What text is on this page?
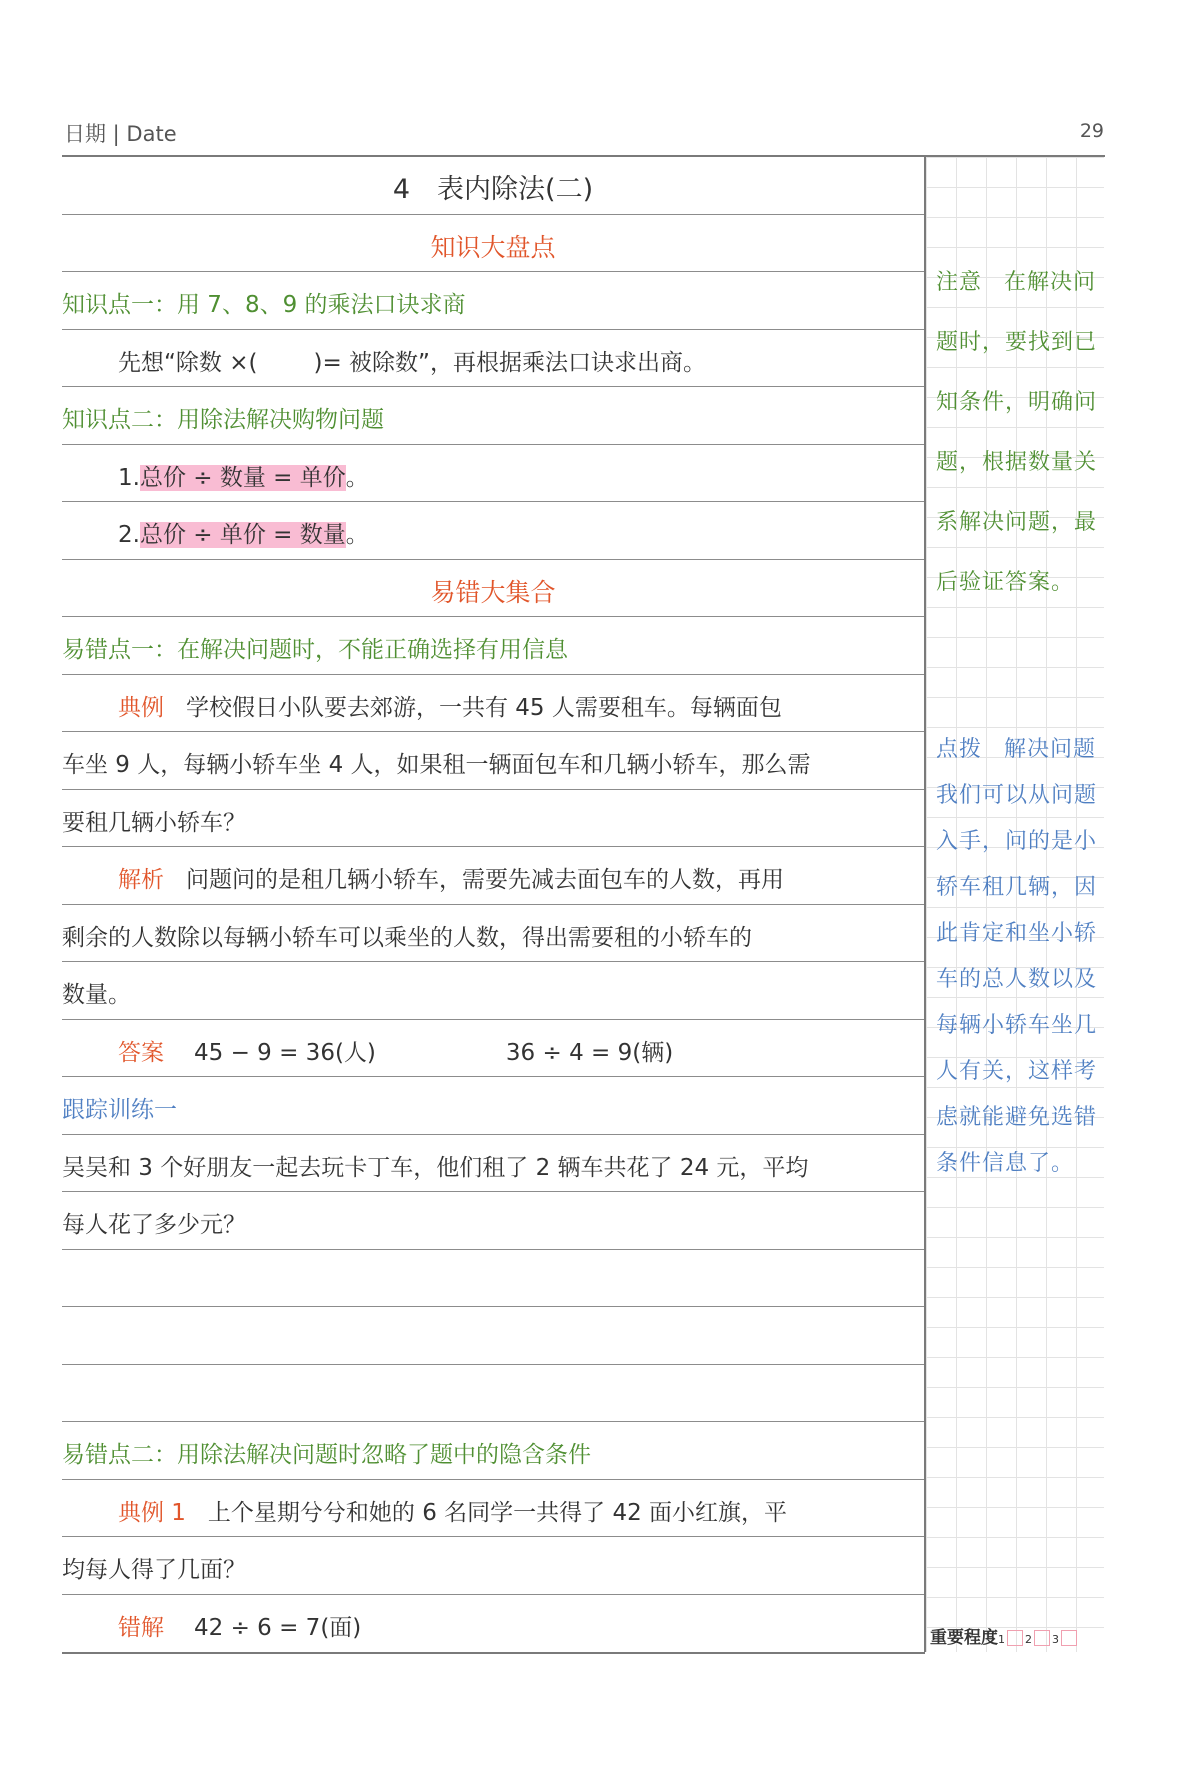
日期 | Date	29
4　表内除法(二)
知识大盘点
知识点一：用 7、8、9 的乘法口诀求商
先想“除数 ×( )= 被除数”，再根据乘法口诀求出商。
知识点二：用除法解决购物问题
1.总价 ÷ 数量 = 单价。
2.总价 ÷ 单价 = 数量。
易错大集合
易错点一：在解决问题时，不能正确选择有用信息
典例 学校假日小队要去郊游，一共有 45 人需要租车。每辆面包
车坐 9 人，每辆小轿车坐 4 人，如果租一辆面包车和几辆小轿车，那么需
要租几辆小轿车？
解析 问题问的是租几辆小轿车，需要先减去面包车的人数，再用
剩余的人数除以每辆小轿车可以乘坐的人数，得出需要租的小轿车的
数量。
答案 45 − 9 = 36(人)	36 ÷ 4 = 9(辆)
跟踪训练一
吴吴和 3 个好朋友一起去玩卡丁车，他们租了 2 辆车共花了 24 元，平均
每人花了多少元？
易错点二：用除法解决问题时忽略了题中的隐含条件
典例 1 上个星期兮兮和她的 6 名同学一共得了 42 面小红旗，平
均每人得了几面？
错解 42 ÷ 6 = 7(面)
注意 在解决问题时，要找到已知条件，明确问题，根据数量关系解决问题，最后验证答案。
点拨 解决问题我们可以从问题入手，问的是小轿车租几辆，因此肯定和坐小轿车的总人数以及每辆小轿车坐几人有关，这样考虑就能避免选错条件信息了。
重要程度1 2 3
